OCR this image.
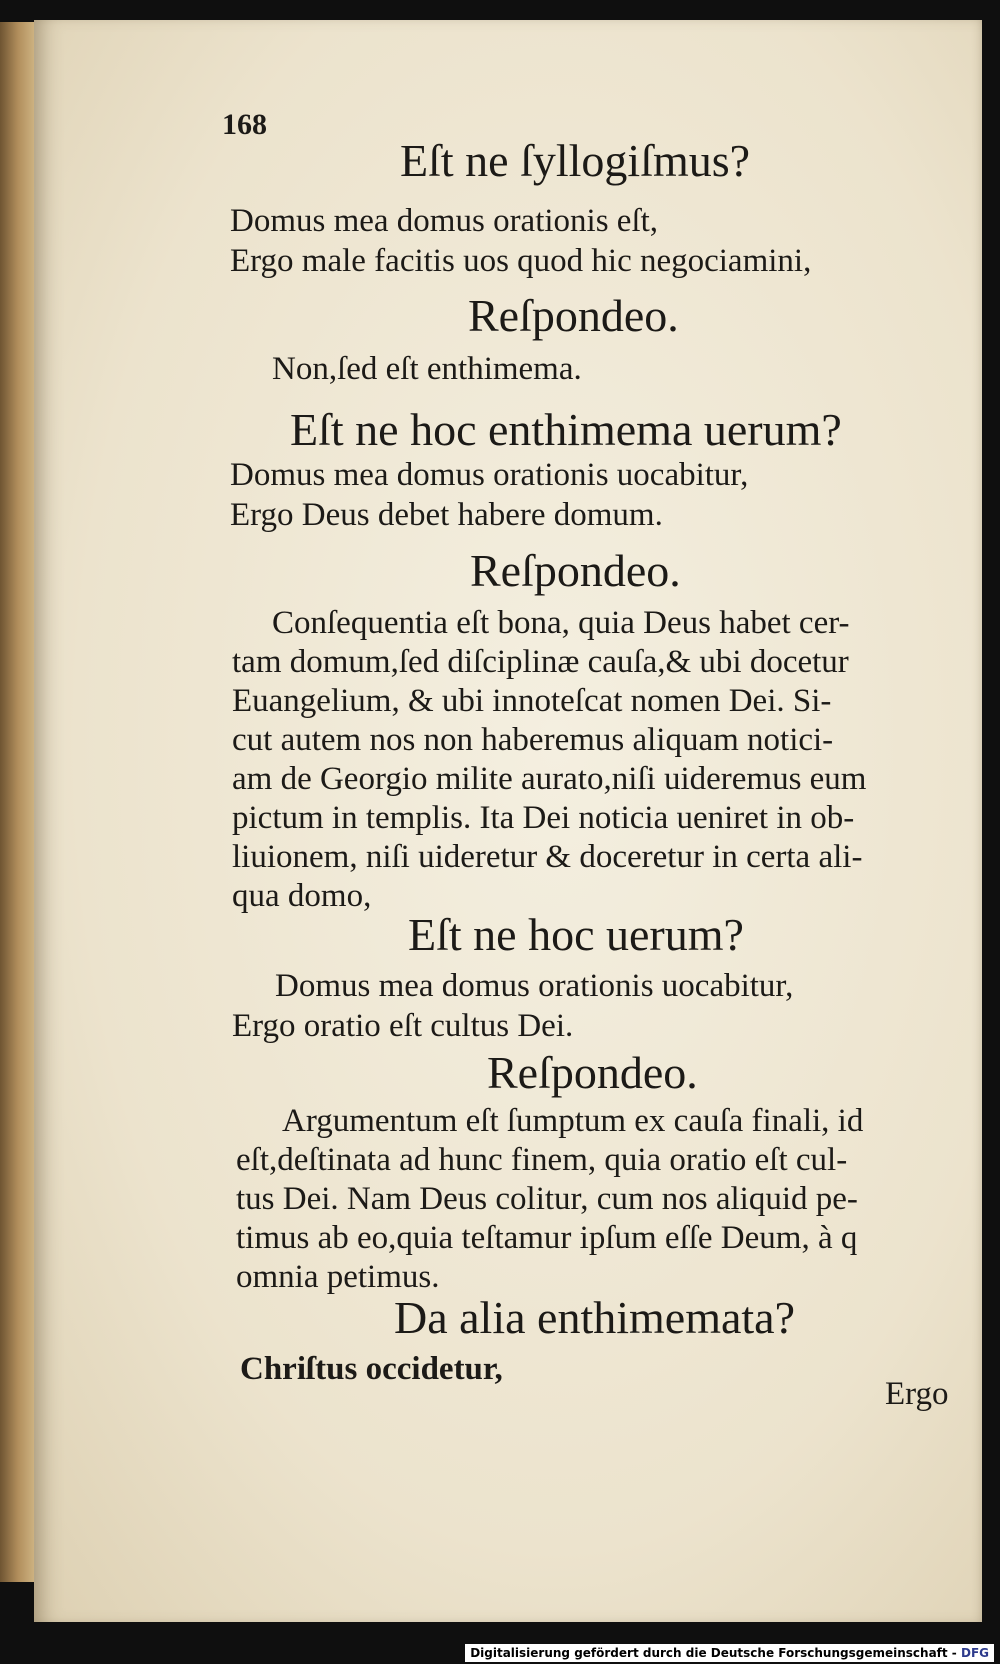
168

Eſt ne ſyllogiſmus?

Domus mea domus orationis eſt,

Ergo male facitis uos quod hic negociamini,

Reſpondeo.

Non,ſed eſt enthimema.

Eſt ne hoc enthimema uerum?

Domus mea domus orationis uocabitur,

Ergo Deus debet habere domum.

Reſpondeo.

Conſequentia eſt bona, quia Deus habet cer-

tam domum,ſed diſciplinæ cauſa,& ubi docetur

Euangelium, & ubi innoteſcat nomen Dei. Si-

cut autem nos non haberemus aliquam notici-

am de Georgio milite aurato,niſi uideremus eum

pictum in templis. Ita Dei noticia ueniret in ob-

liuionem, niſi uideretur & doceretur in certa ali-

qua domo,

Eſt ne hoc uerum?

Domus mea domus orationis uocabitur,

Ergo oratio eſt cultus Dei.

Reſpondeo.

Argumentum eſt ſumptum ex cauſa finali, id

eſt,deſtinata ad hunc finem, quia oratio eſt cul-

tus Dei. Nam Deus colitur, cum nos aliquid pe-

timus ab eo,quia teſtamur ipſum eſſe Deum, à q

omnia petimus.

Da alia enthimemata?

Chriſtus occidetur,

Ergo

Digitalisierung gefördert durch die Deutsche Forschungsgemeinschaft - DFG
